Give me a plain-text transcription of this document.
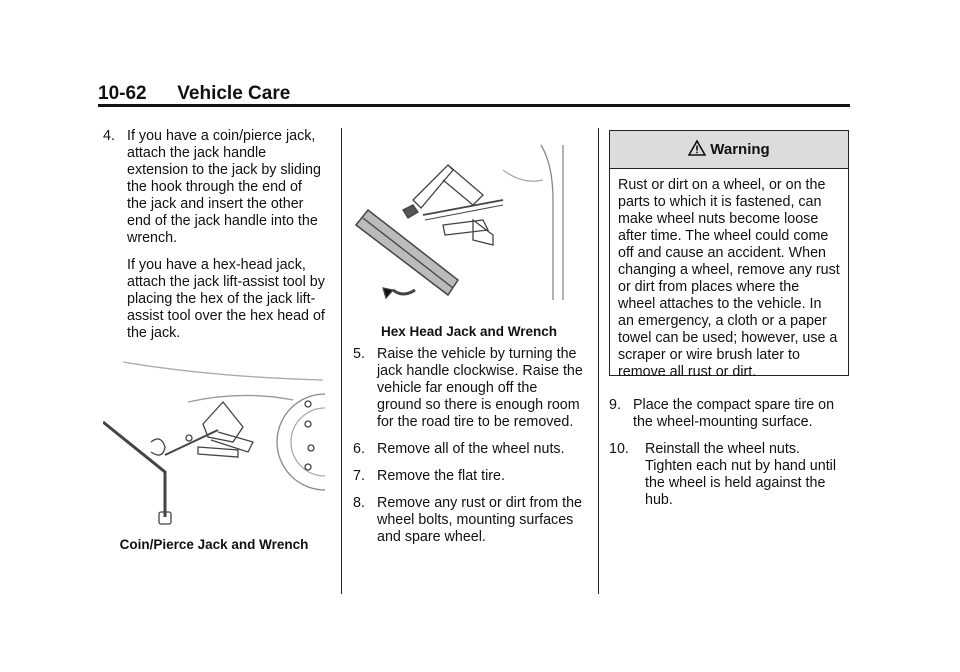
10-62 Vehicle Care
4. If you have a coin/pierce jack, attach the jack handle extension to the jack by sliding the hook through the end of the jack and insert the other end of the jack handle into the wrench.
If you have a hex-head jack, attach the jack lift-assist tool by placing the hex of the jack lift-assist tool over the hex head of the jack.
Coin/Pierce Jack and Wrench
Hex Head Jack and Wrench
5. Raise the vehicle by turning the jack handle clockwise. Raise the vehicle far enough off the ground so there is enough room for the road tire to be removed.
6. Remove all of the wheel nuts.
7. Remove the flat tire.
8. Remove any rust or dirt from the wheel bolts, mounting surfaces and spare wheel.
Warning
Rust or dirt on a wheel, or on the parts to which it is fastened, can make wheel nuts become loose after time. The wheel could come off and cause an accident. When changing a wheel, remove any rust or dirt from places where the wheel attaches to the vehicle. In an emergency, a cloth or a paper towel can be used; however, use a scraper or wire brush later to remove all rust or dirt.
9. Place the compact spare tire on the wheel-mounting surface.
10. Reinstall the wheel nuts.
Tighten each nut by hand until the wheel is held against the hub.
